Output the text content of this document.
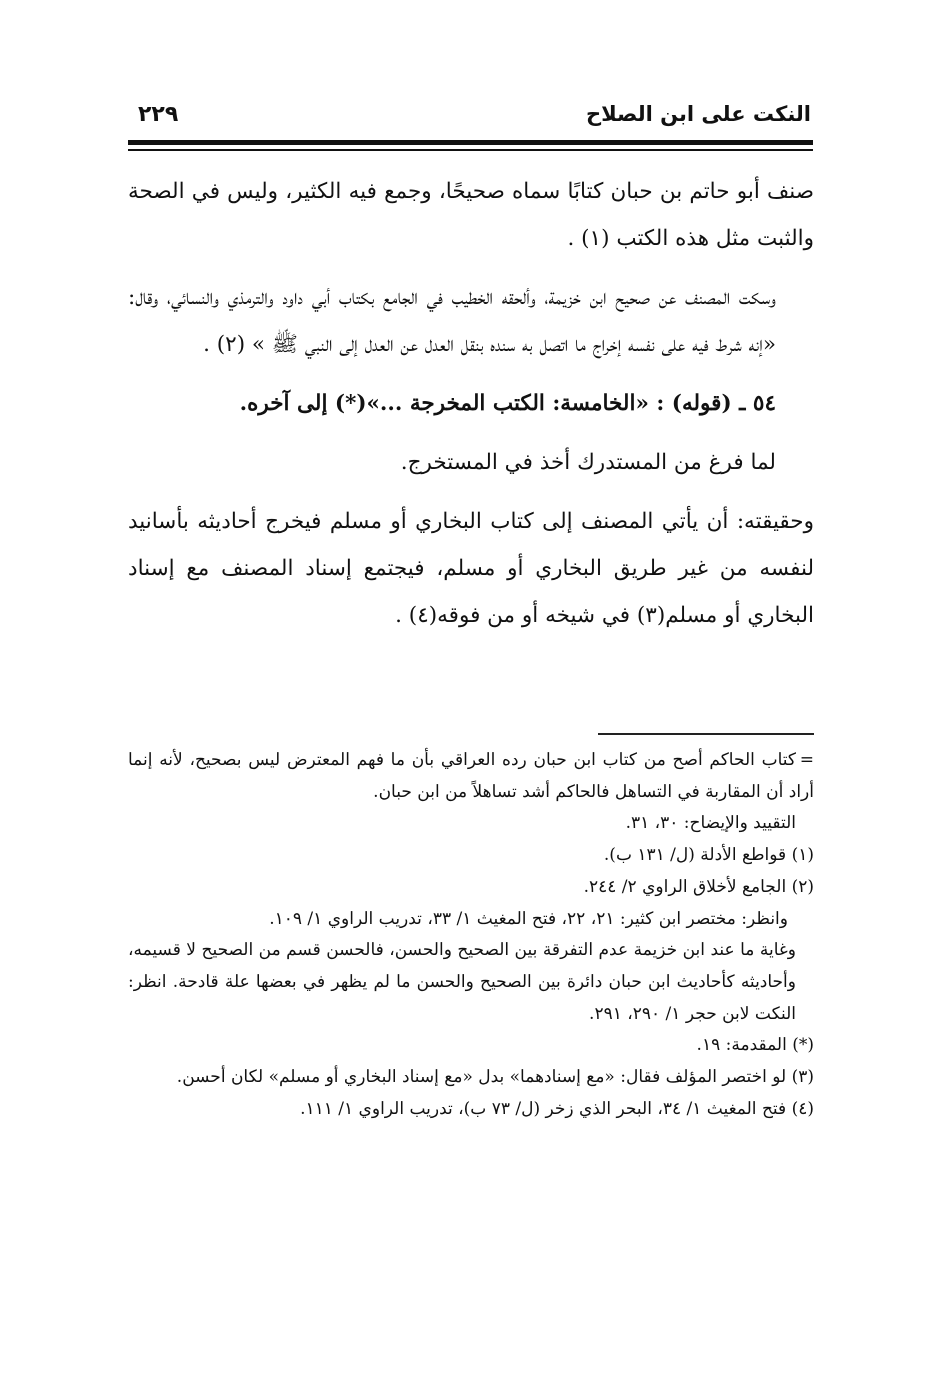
النكت على ابن الصلاح
٢٢٩

صنف أبو حاتم بن حبان كتابًا سماه صحيحًا، وجمع فيه الكثير، وليس في الصحة والثبت مثل هذه الكتب (١) .

وسكت المصنف عن صحيح ابن خزيمة، وألحقه الخطيب في الجامع بكتاب أبي داود والترمذي والنسائي، وقال: «إنه شرط فيه على نفسه إخراج ما اتصل به سنده بنقل العدل عن العدل إلى النبي ﷺ » (٢) .

٥٤ ـ (قوله) : «الخامسة: الكتب المخرجة ...»(*) إلى آخره.

لما فرغ من المستدرك أخذ في المستخرج.

وحقيقته: أن يأتي المصنف إلى كتاب البخاري أو مسلم فيخرج أحاديثه بأسانيد لنفسه من غير طريق البخاري أو مسلم، فيجتمع إسناد المصنف مع إسناد البخاري أو مسلم(٣) في شيخه أو من فوقه(٤) .

=كتاب الحاكم أصح من كتاب ابن حبان رده العراقي بأن ما فهم المعترض ليس بصحيح، لأنه إنما أراد أن المقاربة في التساهل فالحاكم أشد تساهلاً من ابن حبان.

التقييد والإيضاح: ٣٠، ٣١.

(١) قواطع الأدلة (ل/ ١٣١ ب).

(٢) الجامع لأخلاق الراوي ٢/ ٢٤٤.

وانظر: مختصر ابن كثير: ٢١، ٢٢، فتح المغيث ١/ ٣٣، تدريب الراوي ١/ ١٠٩.

وغاية ما عند ابن خزيمة عدم التفرقة بين الصحيح والحسن، فالحسن قسم من الصحيح لا قسيمه، وأحاديثه كأحاديث ابن حبان دائرة بين الصحيح والحسن ما لم يظهر في بعضها علة قادحة. انظر: النكت لابن حجر ١/ ٢٩٠، ٢٩١.

(*) المقدمة: ١٩.

(٣) لو اختصر المؤلف فقال: «مع إسنادهما» بدل «مع إسناد البخاري أو مسلم» لكان أحسن.

(٤) فتح المغيث ١/ ٣٤، البحر الذي زخر (ل/ ٧٣ ب)، تدريب الراوي ١/ ١١١.
